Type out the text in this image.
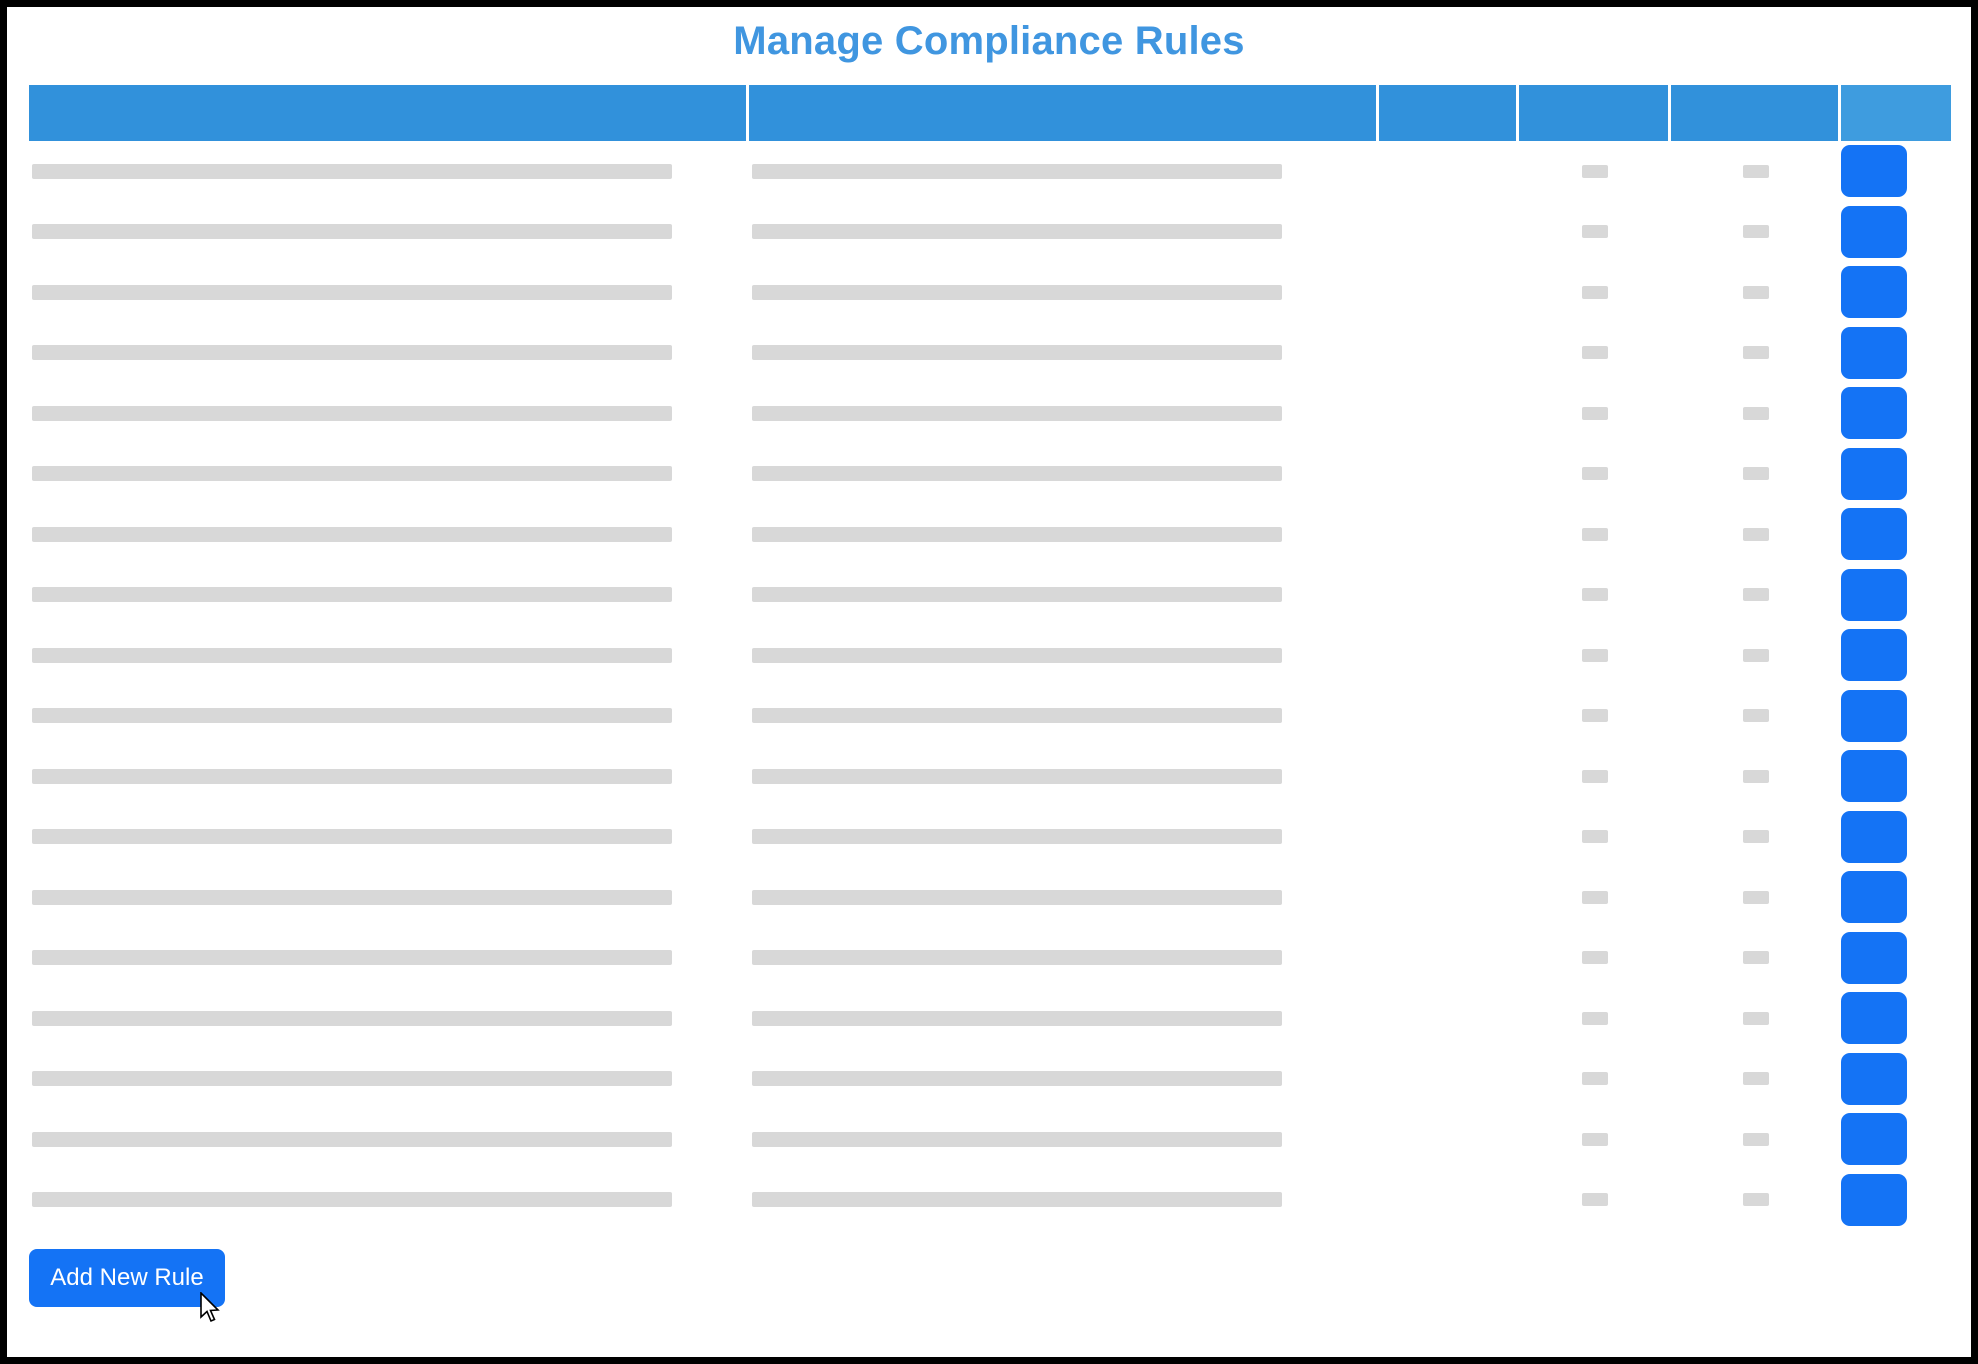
Manage Compliance Rules
Add New Rule
